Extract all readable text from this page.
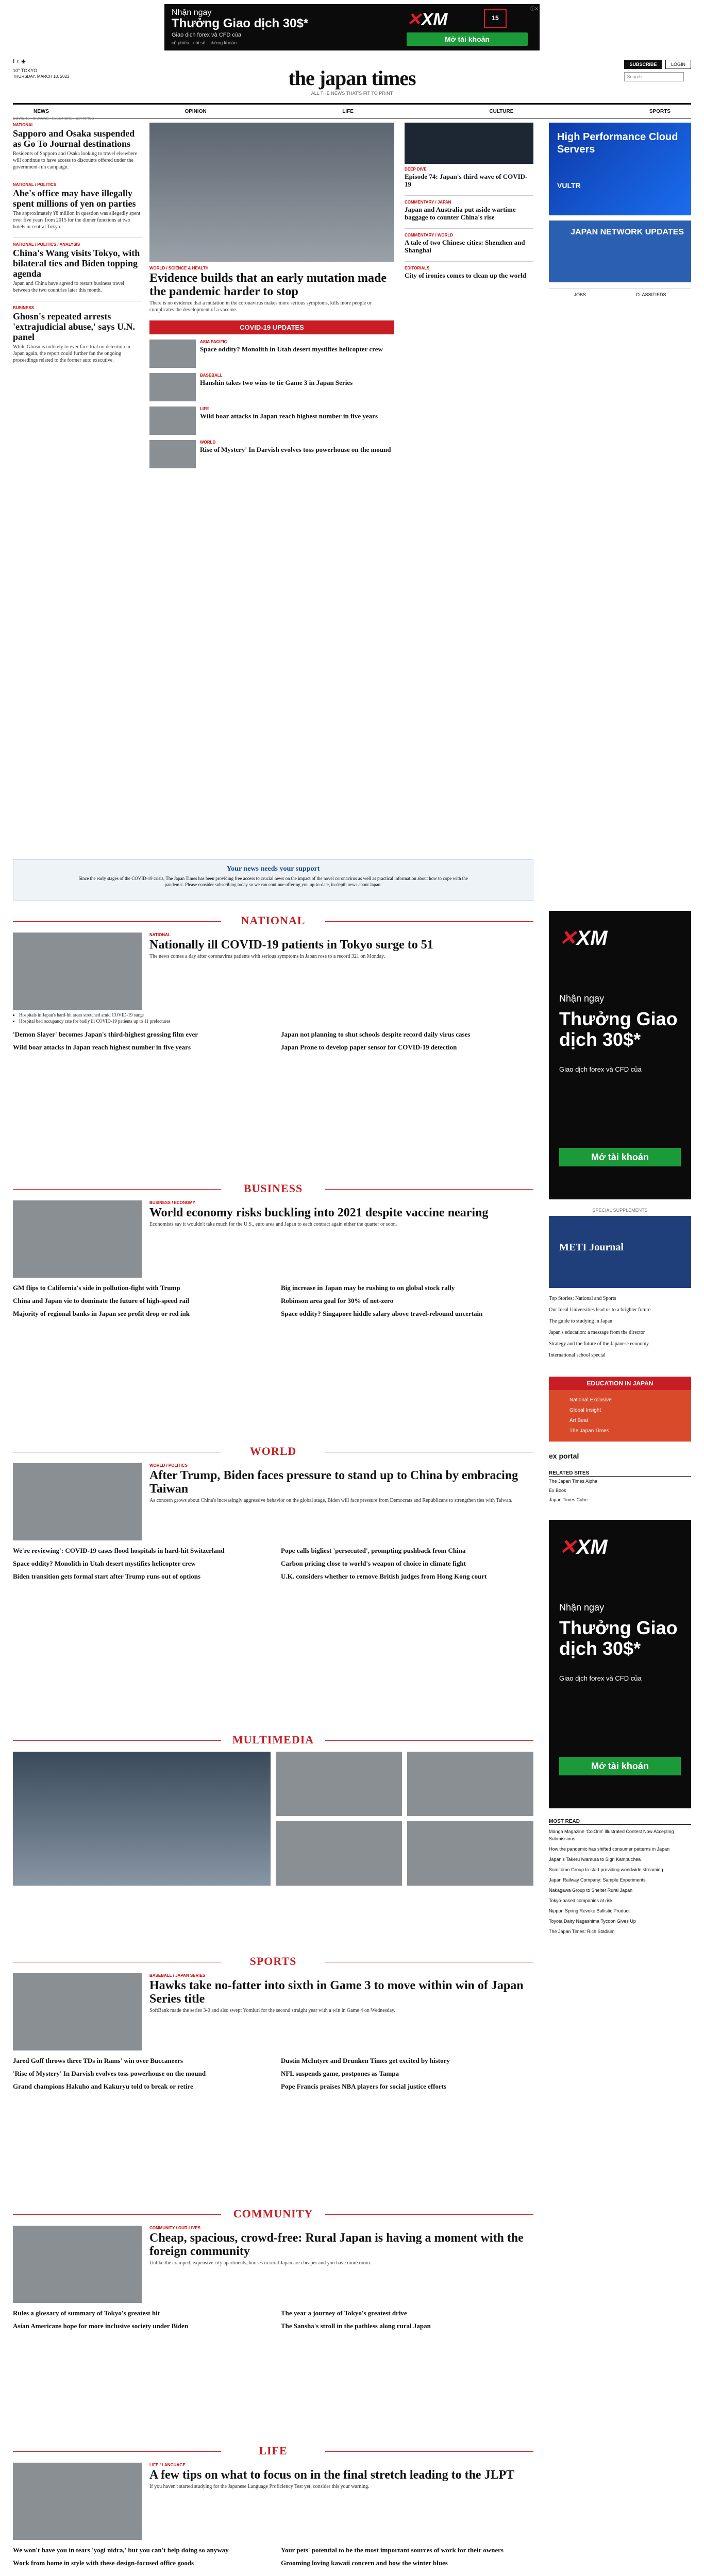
Nhận ngay
Thưởng Giao dịch 30$*
Giao dịch forex và CFD của
cổ phiếu · chỉ số · chứng khoán
✕XM	15
Mở tài khoản
ⓘ✕
f t ◉
10° TOKYO
THURSDAY, MARCH 10, 2022	the japan times
ALL THE NEWS THAT'S FIT TO PRINT
SUBSCRIBE	LOGIN
Search
NEWS	OPINION	LIFE	CULTURE	SPORTS
COVID-19 · UKRAINE · ELECTIONS · OLYMPICS
NATIONAL
Sapporo and Osaka suspended as Go To Journal destinations
Residents of Sapporo and Osaka looking to travel elsewhere will continue to have access to discounts offered under the government-run campaign.
NATIONAL / POLITICS
Abe's office may have illegally spent millions of yen on parties
The approximately ¥8 million in question was allegedly spent over five years from 2015 for the dinner functions at two hotels in central Tokyo.
NATIONAL / POLITICS / ANALYSIS
China's Wang visits Tokyo, with bilateral ties and Biden topping agenda
Japan and China have agreed to restart business travel between the two countries later this month.
BUSINESS
Ghosn's repeated arrests 'extrajudicial abuse,' says U.N. panel
While Ghosn is unlikely to ever face trial on detention in Japan again, the report could further fan the ongoing proceedings related to the former auto executive.
WORLD / SCIENCE & HEALTH
Evidence builds that an early mutation made the pandemic harder to stop
There is no evidence that a mutation in the coronavirus makes more serious symptoms, kills more people or complicates the development of a vaccine.
COVID-19 UPDATES
ASIA PACIFIC
Space oddity? Monolith in Utah desert mystifies helicopter crew
BASEBALL
Hanshin takes two wins to tie Game 3 in Japan Series
LIFE
Wild boar attacks in Japan reach highest number in five years
WORLD
Rise of Mystery' In Darvish evolves toss powerhouse on the mound
DEEP DIVE
Episode 74: Japan's third wave of COVID-19
COMMENTARY / JAPAN
Japan and Australia put aside wartime baggage to counter China's rise
COMMENTARY / WORLD
A tale of two Chinese cities: Shenzhen and Shanghai
EDITORIALS
City of ironies comes to clean up the world
High Performance Cloud Servers
VULTR
JAPAN NETWORK UPDATES
JOBS	CLASSIFIEDS
Your news needs your support
Since the early stages of the COVID-19 crisis, The Japan Times has been providing free access to crucial news on the impact of the novel coronavirus as well as practical information about how to cope with the pandemic. Please consider subscribing today so we can continue offering you up-to-date, in-depth news about Japan.
NATIONAL
NATIONAL
Nationally ill COVID-19 patients in Tokyo surge to 51
The news comes a day after coronavirus patients with serious symptoms in Japan rose to a record 321 on Monday.
• Hospitals in Japan's hard-hit areas stretched amid COVID-19 surge
• Hospital bed occupancy rate for badly ill COVID-19 patients up to 11 prefectures
'Demon Slayer' becomes Japan's third-highest grossing film ever	Japan not planning to shut schools despite record daily virus cases
Wild boar attacks in Japan reach highest number in five years	Japan Prone to develop paper sensor for COVID-19 detection
BUSINESS
BUSINESS / ECONOMY
World economy risks buckling into 2021 despite vaccine nearing
Economists say it wouldn't take much for the U.S., euro area and Japan to each contract again either the quarter or soon.
GM flips to California's side in pollution-fight with Trump	Big increase in Japan may be rushing to on global stock rally
China and Japan vie to dominate the future of high-speed rail	Robinson area goal for 30% of net-zero
Majority of regional banks in Japan see profit drop or red ink	Space oddity? Singapore hiddle salary above travel-rebound uncertain
WORLD
WORLD / POLITICS
After Trump, Biden faces pressure to stand up to China by embracing Taiwan
As concern grows about China's increasingly aggressive behavior on the global stage, Biden will face pressure from Democrats and Republicans to strengthen ties with Taiwan.
We're reviewing': COVID-19 cases flood hospitals in hard-hit Switzerland	Pope calls bigliest 'persecuted', prompting pushback from China
Space oddity? Monolith in Utah desert mystifies helicopter crew	Carbon pricing close to world's weapon of choice in climate fight
Biden transition gets formal start after Trump runs out of options	U.K. considers whether to remove British judges from Hong Kong court
MULTIMEDIA
SPORTS
BASEBALL / JAPAN SERIES
Hawks take no-fatter into sixth in Game 3 to move within win of Japan Series title
SoftBank made the series 3-0 and also swept Yomiuri for the second straight year with a win in Game 4 on Wednesday.
Jared Goff throws three TDs in Rams' win over Buccaneers	Dustin McIntyre and Drunken Times get excited by history
'Rise of Mystery' In Darvish evolves toss powerhouse on the mound	NFL suspends game, postpones as Tampa
Grand champions Hakuho and Kakuryu told to break or retire	Pope Francis praises NBA players for social justice efforts
COMMUNITY
COMMUNITY / OUR LIVES
Cheap, spacious, crowd-free: Rural Japan is having a moment with the foreign community
Unlike the cramped, expensive city apartments, houses in rural Japan are cheaper and you have more room.
Rules a glossary of summary of Tokyo's greatest hit	The year a journey of Tokyo's greatest drive
Asian Americans hope for more inclusive society under Biden	The Sansha's stroll in the pathless along rural Japan
LIFE
LIFE / LANGUAGE
A few tips on what to focus on in the final stretch leading to the JLPT
If you haven't started studying for the Japanese Language Proficiency Test yet, consider this your warning.
We won't have you in tears 'yogi nidra,' but you can't help doing so anyway	Your pets' potential to be the most important sources of work for their owners
Work from home in style with these design-focused office goods	Grooming loving kawaii concern and how the winter blues
✕XM
Nhận ngay
Thưởng Giao dịch 30$*
Giao dịch forex và CFD của
Mở tài khoản
SPECIAL SUPPLEMENTS
METI Journal
Top Stories: National and Sports
Our Ideal Universities lead us to a brighter future
The guide to studying in Japan
Japan's education: a message from the director
Strategy and the future of the Japanese economy
International school special
EDUCATION IN JAPAN
National Exclusive
Global Insight
Art Beat
The Japan Times
ex portal
RELATED SITES
The Japan Times Alpha
Ex Book
Japan Times Cube
✕XM
Nhận ngay
Thưởng Giao dịch 30$*
Giao dịch forex và CFD của
Mở tài khoản
MOST READ
Manga Magazine 'ColOrin' Illustrated Contest Now Accepting Submissions
How the pandemic has shifted consumer patterns in Japan
Japan's Takeru Iwamura to Sign Kampuchea
Sumitomo Group to start providing worldwide streaming
Japan Railway Company: Sample Experiments
Nakagawa Group to Shelter Rural Japan
Tokyo-based companies at risk
Nippon Spring Revoke Ballistic Product
Toyota Dairy Nagashima Tycoon Gives Up
The Japan Times: Rich Stadium
